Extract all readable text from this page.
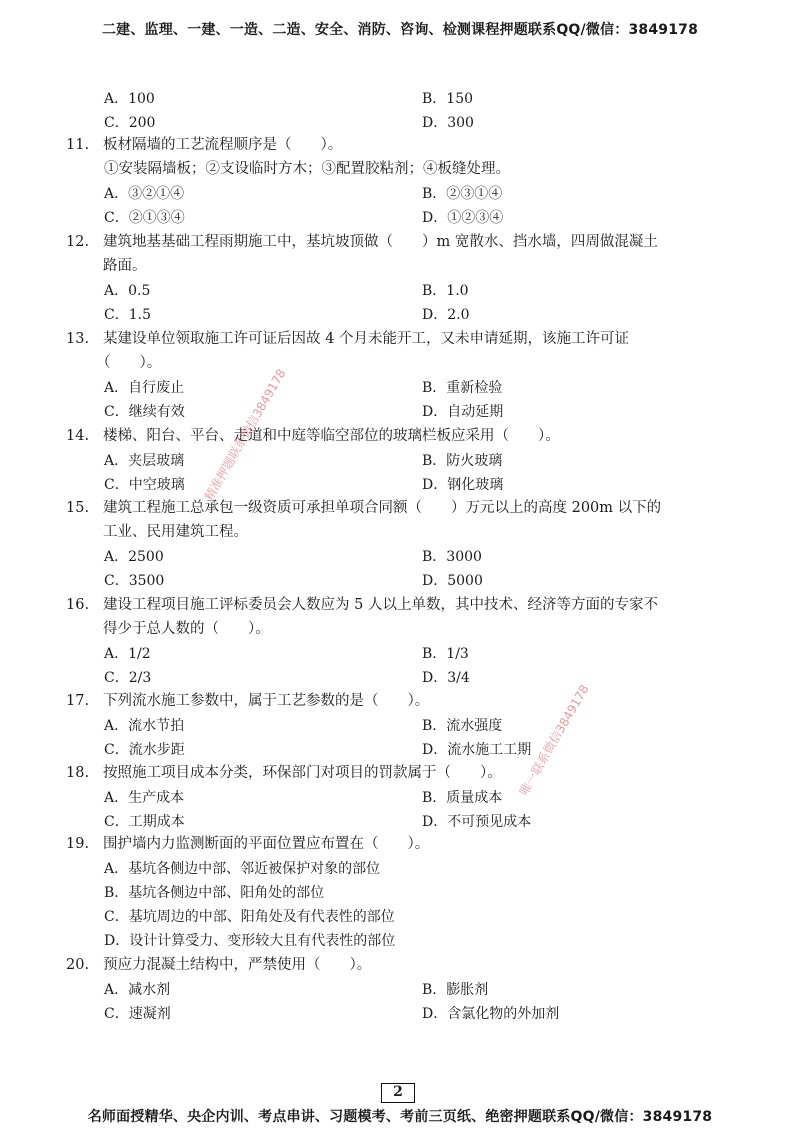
二建、监理、一建、一造、二造、安全、消防、咨询、检测课程押题联系QQ/微信：3849178
A．100	B．150
C．200	D．300
11. 板材隔墙的工艺流程顺序是（　　）。
①安装隔墙板；②支设临时方木；③配置胶粘剂；④板缝处理。
A．③②①④	B．②③①④
C．②①③④	D．①②③④
12. 建筑地基基础工程雨期施工中，基坑坡顶做（　　）m 宽散水、挡水墙，四周做混凝土
路面。
A．0.5	B．1.0
C．1.5	D．2.0
13. 某建设单位领取施工许可证后因故 4 个月未能开工，又未申请延期，该施工许可证
（　　）。
A．自行废止	B．重新检验
C．继续有效	D．自动延期
14. 楼梯、阳台、平台、走道和中庭等临空部位的玻璃栏板应采用（　　）。
A．夹层玻璃	B．防火玻璃
C．中空玻璃	D．钢化玻璃
15. 建筑工程施工总承包一级资质可承担单项合同额（　　）万元以上的高度 200m 以下的
工业、民用建筑工程。
A．2500	B．3000
C．3500	D．5000
16. 建设工程项目施工评标委员会人数应为 5 人以上单数，其中技术、经济等方面的专家不
得少于总人数的（　　）。
A．1/2	B．1/3
C．2/3	D．3/4
17. 下列流水施工参数中，属于工艺参数的是（　　）。
A．流水节拍	B．流水强度
C．流水步距	D．流水施工工期
18. 按照施工项目成本分类，环保部门对项目的罚款属于（　　）。
A．生产成本	B．质量成本
C．工期成本	D．不可预见成本
19. 围护墙内力监测断面的平面位置应布置在（　　）。
A．基坑各侧边中部、邻近被保护对象的部位
B．基坑各侧边中部、阳角处的部位
C．基坑周边的中部、阳角处及有代表性的部位
D．设计计算受力、变形较大且有代表性的部位
20. 预应力混凝土结构中，严禁使用（　　）。
A．减水剂	B．膨胀剂
C．速凝剂	D．含氯化物的外加剂
精准押题联系微信3849178
唯一联系微信3849178
2
名师面授精华、央企内训、考点串讲、习题模考、考前三页纸、绝密押题联系QQ/微信：3849178
